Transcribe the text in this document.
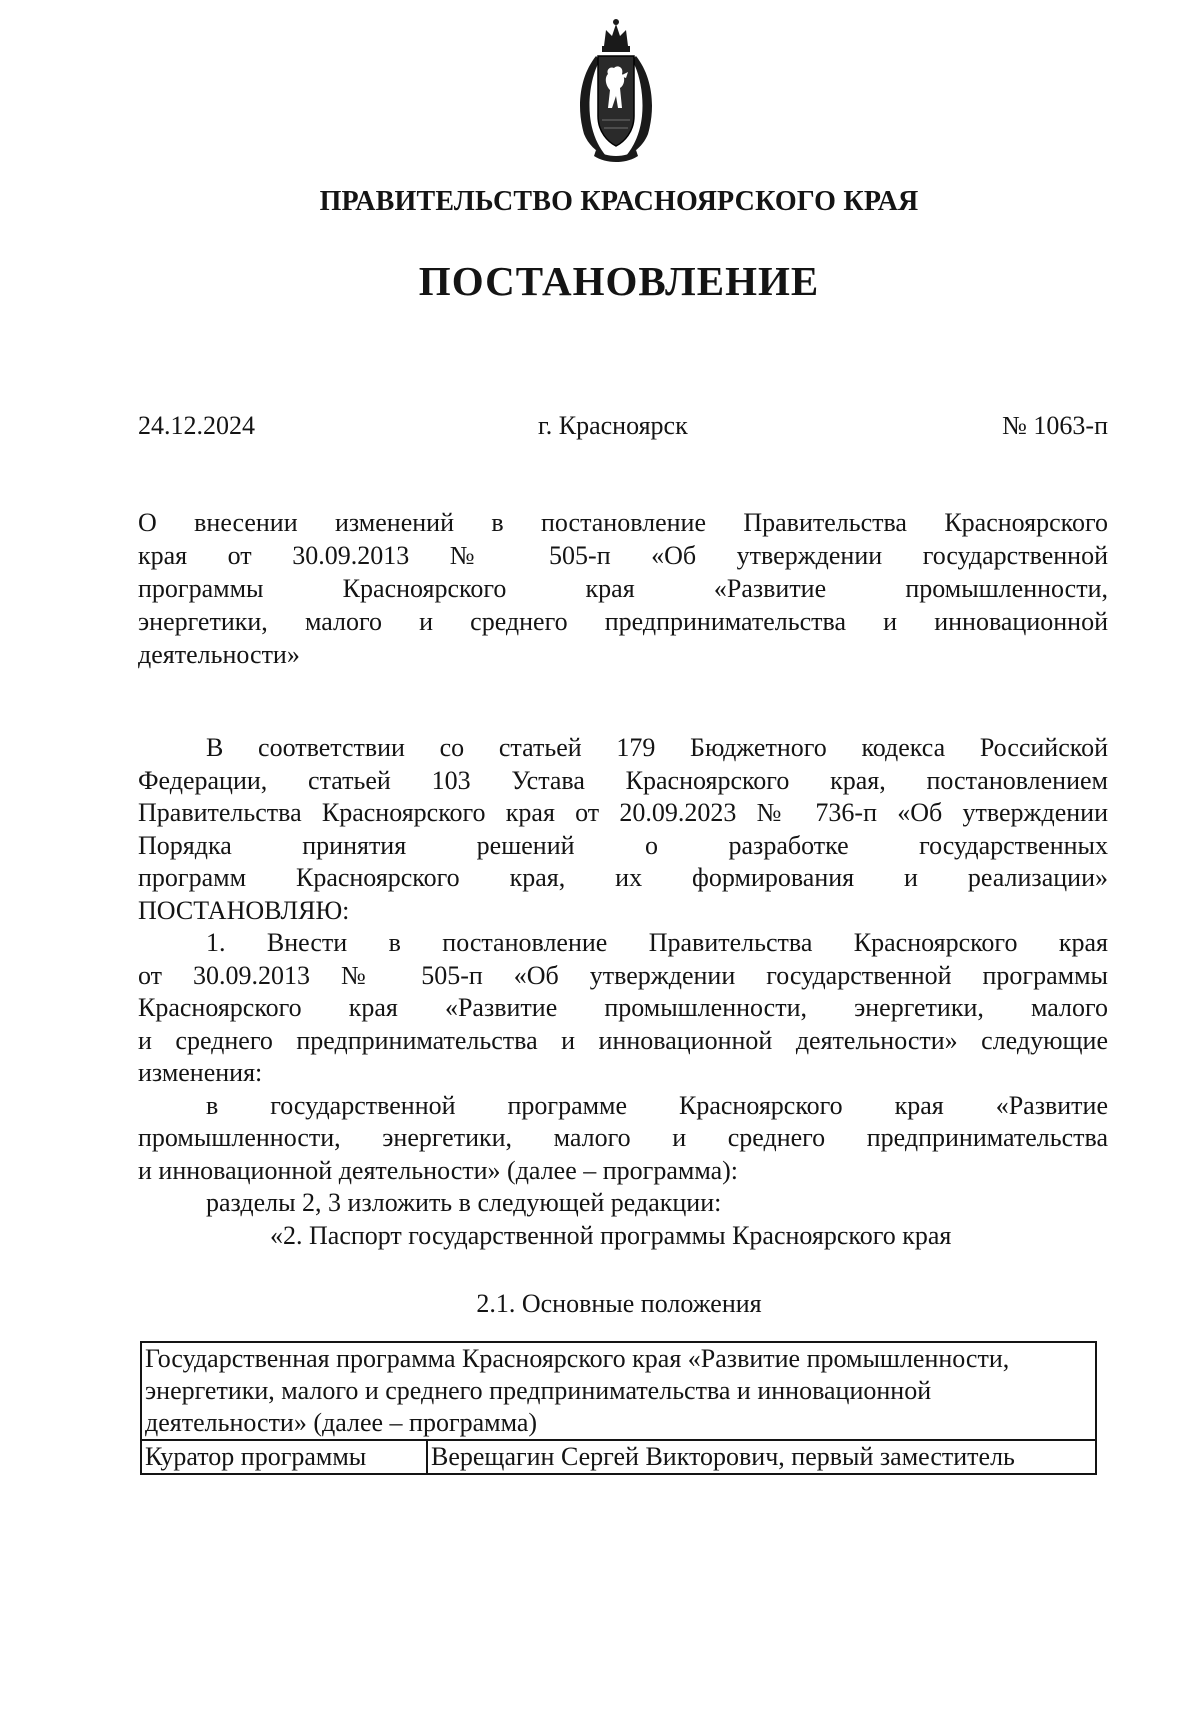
ПРАВИТЕЛЬСТВО КРАСНОЯРСКОГО КРАЯ
ПОСТАНОВЛЕНИЕ
24.12.2024	г. Красноярск	№ 1063-п
О внесении изменений в постановление Правительства Красноярского
края от 30.09.2013 № 505-п «Об утверждении государственной
программы Красноярского края «Развитие промышленности,
энергетики, малого и среднего предпринимательства и инновационной
деятельности»
В соответствии со статьей 179 Бюджетного кодекса Российской
Федерации, статьей 103 Устава Красноярского края, постановлением
Правительства Красноярского края от 20.09.2023 № 736-п «Об утверждении
Порядка принятия решений о разработке государственных
программ Красноярского края, их формирования и реализации»
ПОСТАНОВЛЯЮ:
1. Внести в постановление Правительства Красноярского края
от 30.09.2013 № 505-п «Об утверждении государственной программы
Красноярского края «Развитие промышленности, энергетики, малого
и среднего предпринимательства и инновационной деятельности» следующие
изменения:
в государственной программе Красноярского края «Развитие
промышленности, энергетики, малого и среднего предпринимательства
и инновационной деятельности» (далее – программа):
разделы 2, 3 изложить в следующей редакции:
«2. Паспорт государственной программы Красноярского края
2.1. Основные положения
Государственная программа Красноярского края «Развитие промышленности,
энергетики, малого и среднего предпринимательства и инновационной
деятельности» (далее – программа)

Куратор программы	Верещагин Сергей Викторович, первый заместитель
